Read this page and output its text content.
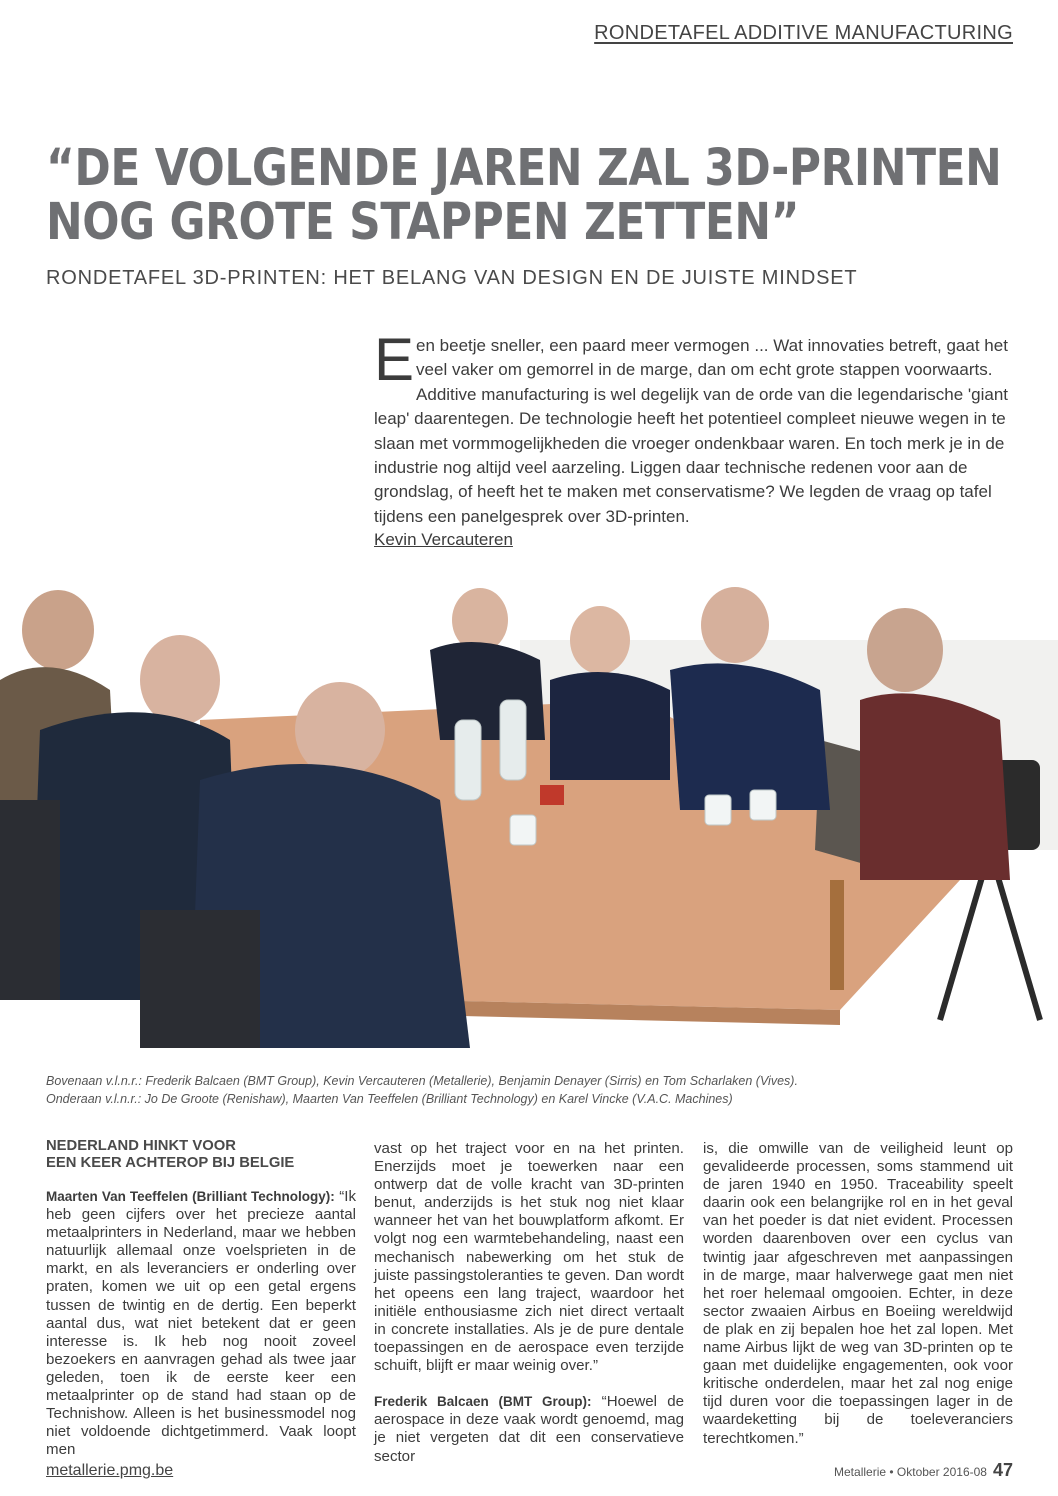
RONDETAFEL ADDITIVE MANUFACTURING
“DE VOLGENDE JAREN ZAL 3D-PRINTEN
NOG GROTE STAPPEN ZETTEN”
RONDETAFEL 3D-PRINTEN: HET BELANG VAN DESIGN EN DE JUISTE MINDSET

Een beetje sneller, een paard meer vermogen ... Wat innovaties betreft, gaat het veel vaker om gemorrel in de marge, dan om echt grote stappen voorwaarts. Additive manufacturing is wel degelijk van de orde van die legendarische 'giant leap' daarentegen. De technologie heeft het potentieel compleet nieuwe wegen in te slaan met vormmogelijkheden die vroeger ondenkbaar waren. En toch merk je in de industrie nog altijd veel aarzeling. Liggen daar technische redenen voor aan de grondslag, of heeft het te maken met conservatisme? We legden de vraag op tafel tijdens een panelgesprek over 3D-printen.

Kevin Vercauteren
Bovenaan v.l.n.r.: Frederik Balcaen (BMT Group), Kevin Vercauteren (Metallerie), Benjamin Denayer (Sirris) en Tom Scharlaken (Vives).
Onderaan v.l.n.r.: Jo De Groote (Renishaw), Maarten Van Teeffelen (Brilliant Technology) en Karel Vincke (V.A.C. Machines)
NEDERLAND HINKT VOOR
EEN KEER ACHTEROP BIJ BELGIE

Maarten Van Teeffelen (Brilliant Technology): “Ik heb geen cijfers over het precieze aantal metaalprinters in Nederland, maar we hebben natuurlijk allemaal onze voelsprieten in de markt, en als leveranciers er onderling over praten, komen we uit op een getal ergens tussen de twintig en de dertig. Een beperkt aantal dus, wat niet betekent dat er geen interesse is. Ik heb nog nooit zoveel bezoekers en aanvragen gehad als twee jaar geleden, toen ik de eerste keer een metaalprinter op de stand had staan op de Technishow. Alleen is het businessmodel nog niet voldoende dichtgetimmerd. Vaak loopt men

vast op het traject voor en na het printen. Enerzijds moet je toewerken naar een ontwerp dat de volle kracht van 3D-printen benut, anderzijds is het stuk nog niet klaar wanneer het van het bouwplatform afkomt. Er volgt nog een warmtebehandeling, naast een mechanisch nabewerking om het stuk de juiste passingstoleranties te geven. Dan wordt het opeens een lang traject, waardoor het initiële enthousiasme zich niet direct vertaalt in concrete installaties. Als je de pure dentale toepassingen en de aerospace even terzijde schuift, blijft er maar weinig over.”

Frederik Balcaen (BMT Group): “Hoewel de aerospace in deze vaak wordt genoemd, mag je niet vergeten dat dit een conservatieve sector

is, die omwille van de veiligheid leunt op gevalideerde processen, soms stammend uit de jaren 1940 en 1950. Traceability speelt daarin ook een belangrijke rol en in het geval van het poeder is dat niet evident. Processen worden daarenboven over een cyclus van twintig jaar afgeschreven met aanpassingen in de marge, maar halverwege gaat men niet het roer helemaal omgooien. Echter, in deze sector zwaaien Airbus en Boeiing wereldwijd de plak en zij bepalen hoe het zal lopen. Met name Airbus lijkt de weg van 3D-printen op te gaan met duidelijke engagementen, ook voor kritische onderdelen, maar het zal nog enige tijd duren voor die toepassingen lager in de waardeketting bij de toeleveranciers terechtkomen.”

metallerie.pmg.be	Metallerie • Oktober 2016-08 47
